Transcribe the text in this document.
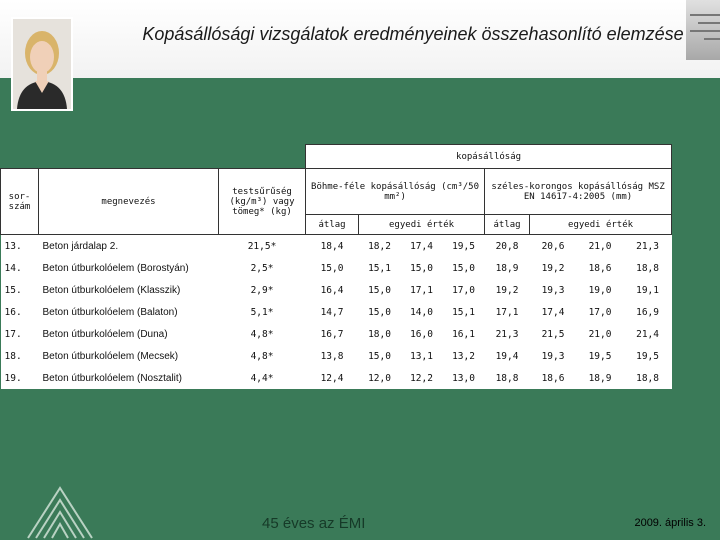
Kopásállósági vizsgálatok eredményeinek összehasonlító elemzése
			kopásállóság							
sor-
szám	megnevezés	testsűrűség (kg/m³) vagy tömeg* (kg)	Böhme-féle kopásállóság (cm³/50 mm²)				széles-korongos kopásállóság MSZ EN 14617-4:2005 (mm)			
			átlag	egyedi érték			átlag	egyedi érték		
13.	Beton járdalap 2.	21,5*	18,4	18,2	17,4	19,5	20,8	20,6	21,0	21,3
14.	Beton útburkolóelem (Borostyán)	2,5*	15,0	15,1	15,0	15,0	18,9	19,2	18,6	18,8
15.	Beton útburkolóelem (Klasszik)	2,9*	16,4	15,0	17,1	17,0	19,2	19,3	19,0	19,1
16.	Beton útburkolóelem (Balaton)	5,1*	14,7	15,0	14,0	15,1	17,1	17,4	17,0	16,9
17.	Beton útburkolóelem (Duna)	4,8*	16,7	18,0	16,0	16,1	21,3	21,5	21,0	21,4
18.	Beton útburkolóelem (Mecsek)	4,8*	13,8	15,0	13,1	13,2	19,4	19,3	19,5	19,5
19.	Beton útburkolóelem (Nosztalit)	4,4*	12,4	12,0	12,2	13,0	18,8	18,6	18,9	18,8
45 éves az ÉMI	2009. április 3.
